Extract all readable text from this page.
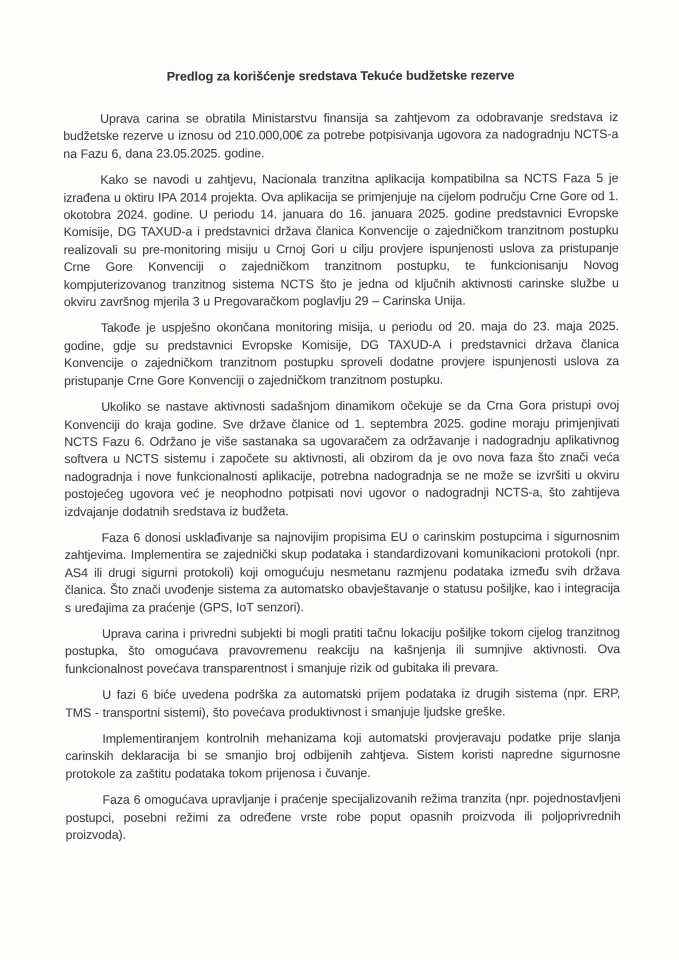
Predlog za korišćenje sredstava Tekuće budžetske rezerve

Uprava carina se obratila Ministarstvu finansija sa zahtjevom za odobravanje sredstava iz budžetske rezerve u iznosu od 210.000,00€ za potrebe potpisivanja ugovora za nadogradnju NCTS-a na Fazu 6, dana 23.05.2025. godine.

Kako se navodi u zahtjevu, Nacionala tranzitna aplikacija kompatibilna sa NCTS Faza 5 je izrađena u oktiru IPA 2014 projekta. Ova aplikacija se primjenjuje na cijelom području Crne Gore od 1. okotobra 2024. godine. U periodu 14. januara do 16. januara 2025. godine predstavnici Evropske Komisije, DG TAXUD-a i predstavnici država članica Konvencije o zajedničkom tranzitnom postupku realizovali su pre-monitoring misiju u Crnoj Gori u cilju provjere ispunjenosti uslova za pristupanje Crne Gore Konvenciji o zajedničkom tranzitnom postupku, te funkcionisanju Novog kompjuterizovanog tranzitnog sistema NCTS što je jedna od ključnih aktivnosti carinske službe u okviru završnog mjerila 3 u Pregovaračkom poglavlju 29 – Carinska Unija.

Takođe je uspješno okončana monitoring misija, u periodu od 20. maja do 23. maja 2025. godine, gdje su predstavnici Evropske Komisije, DG TAXUD-A i predstavnici država članica Konvencije o zajedničkom tranzitnom postupku sproveli dodatne provjere ispunjenosti uslova za pristupanje Crne Gore Konvenciji o zajedničkom tranzitnom postupku.

Ukoliko se nastave aktivnosti sadašnjom dinamikom očekuje se da Crna Gora pristupi ovoj Konvenciji do kraja godine. Sve države članice od 1. septembra 2025. godine moraju primjenjivati NCTS Fazu 6. Održano je više sastanaka sa ugovaračem za održavanje i nadogradnju aplikativnog softvera u NCTS sistemu i započete su aktivnosti, ali obzirom da je ovo nova faza što znači veća nadogradnja i nove funkcionalnosti aplikacije, potrebna nadogradnja se ne može se izvršiti u okviru postojećeg ugovora već je neophodno potpisati novi ugovor o nadogradnji NCTS-a, što zahtijeva izdvajanje dodatnih sredstava iz budžeta.

Faza 6 donosi usklađivanje sa najnovijim propisima EU o carinskim postupcima i sigurnosnim zahtjevima. Implementira se zajednički skup podataka i standardizovani komunikacioni protokoli (npr. AS4 ili drugi sigurni protokoli) koji omogućuju nesmetanu razmjenu podataka između svih država članica. Što znači uvođenje sistema za automatsko obavještavanje o statusu pošiljke, kao i integracija s uređajima za praćenje (GPS, IoT senzori).

Uprava carina i privredni subjekti bi mogli pratiti tačnu lokaciju pošiljke tokom cijelog tranzitnog postupka, što omogućava pravovremenu reakciju na kašnjenja ili sumnjive aktivnosti. Ova funkcionalnost povećava transparentnost i smanjuje rizik od gubitaka ili prevara.

U fazi 6 biće uvedena podrška za automatski prijem podataka iz drugih sistema (npr. ERP, TMS - transportni sistemi), što povećava produktivnost i smanjuje ljudske greške.

Implementiranjem kontrolnih mehanizama koji automatski provjeravaju podatke prije slanja carinskih deklaracija bi se smanjio broj odbijenih zahtjeva. Sistem koristi napredne sigurnosne protokole za zaštitu podataka tokom prijenosa i čuvanje.

Faza 6 omogućava upravljanje i praćenje specijalizovanih režima tranzita (npr. pojednostavljeni postupci, posebni režimi za određene vrste robe poput opasnih proizvoda ili poljoprivrednih proizvoda).
